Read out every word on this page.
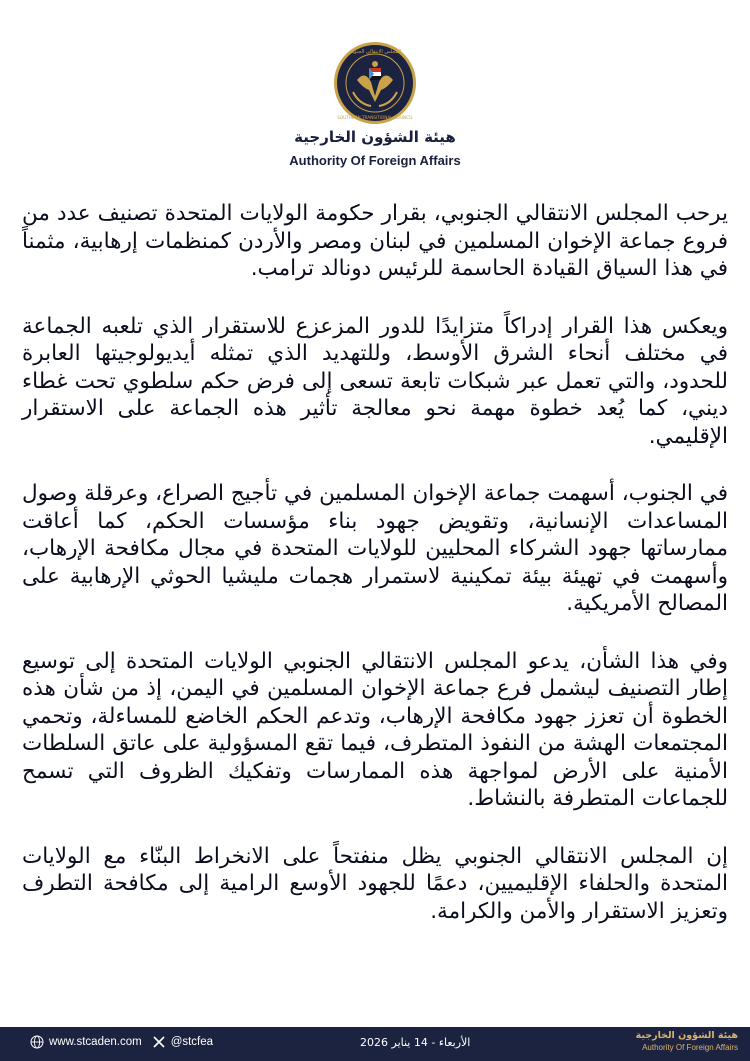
المجلس الانتقالي الجنوبي
SOUTHERN TRANSITIONAL COUNCIL
هيئة الشؤون الخارجية
Authority Of Foreign Affairs

يرحب المجلس الانتقالي الجنوبي، بقرار حكومة الولايات المتحدة تصنيف عدد من فروع جماعة الإخوان المسلمين في لبنان ومصر والأردن كمنظمات إرهابية، مثمناً في هذا السياق القيادة الحاسمة للرئيس دونالد ترامب.

ويعكس هذا القرار إدراكاً متزايدًا للدور المزعزع للاستقرار الذي تلعبه الجماعة في مختلف أنحاء الشرق الأوسط، وللتهديد الذي تمثله أيديولوجيتها العابرة للحدود، والتي تعمل عبر شبكات تابعة تسعى إلى فرض حكم سلطوي تحت غطاء ديني، كما يُعد خطوة مهمة نحو معالجة تأثير هذه الجماعة على الاستقرار الإقليمي.

في الجنوب، أسهمت جماعة الإخوان المسلمين في تأجيج الصراع، وعرقلة وصول المساعدات الإنسانية، وتقويض جهود بناء مؤسسات الحكم، كما أعاقت ممارساتها جهود الشركاء المحليين للولايات المتحدة في مجال مكافحة الإرهاب، وأسهمت في تهيئة بيئة تمكينية لاستمرار هجمات مليشيا الحوثي الإرهابية على المصالح الأمريكية.

وفي هذا الشأن، يدعو المجلس الانتقالي الجنوبي الولايات المتحدة إلى توسيع إطار التصنيف ليشمل فرع جماعة الإخوان المسلمين في اليمن، إذ من شأن هذه الخطوة أن تعزز جهود مكافحة الإرهاب، وتدعم الحكم الخاضع للمساءلة، وتحمي المجتمعات الهشة من النفوذ المتطرف، فيما تقع المسؤولية على عاتق السلطات الأمنية على الأرض لمواجهة هذه الممارسات وتفكيك الظروف التي تسمح للجماعات المتطرفة بالنشاط.

إن المجلس الانتقالي الجنوبي يظل منفتحاً على الانخراط البنّاء مع الولايات المتحدة والحلفاء الإقليميين، دعمًا للجهود الأوسع الرامية إلى مكافحة التطرف وتعزيز الاستقرار والأمن والكرامة.

www.stcaden.com	@stcfea	الأربعاء - 14 يناير 2026
هيئة الشؤون الخارجية
Authority Of Foreign Affairs
